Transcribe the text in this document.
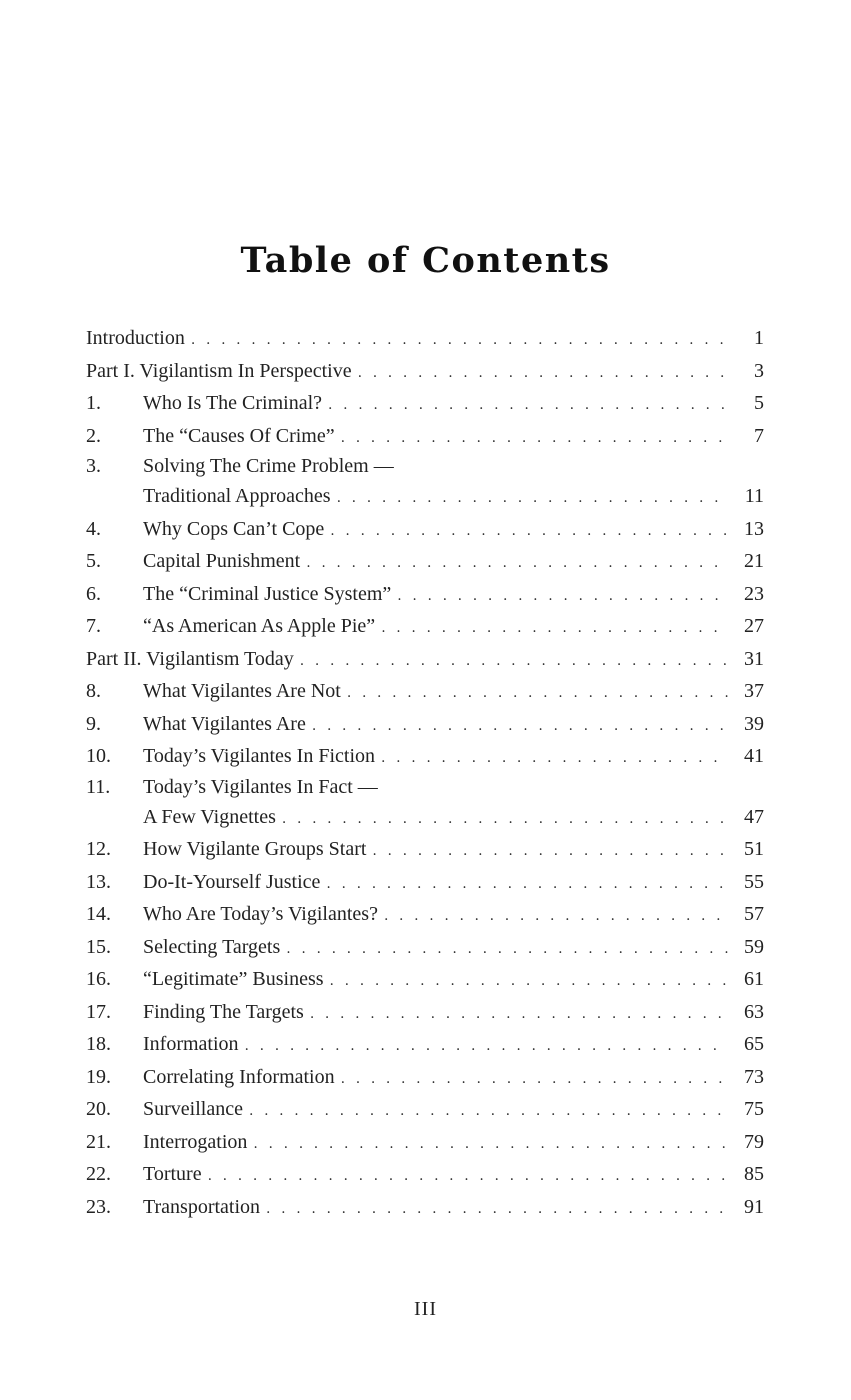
Table of Contents
Introduction . . .	1
Part I. Vigilantism In Perspective . . .	3
1.	Who Is The Criminal? . . .	5
2.	The “Causes Of Crime” . . .	7
3.	Solving The Crime Problem —
Traditional Approaches . . .	11
4.	Why Cops Can’t Cope . . .	13
5.	Capital Punishment . . .	21
6.	The “Criminal Justice System” . . .	23
7.	“As American As Apple Pie” . . .	27
Part II. Vigilantism Today . . .	31
8.	What Vigilantes Are Not . . .	37
9.	What Vigilantes Are . . .	39
10.	Today’s Vigilantes In Fiction . . .	41
11.	Today’s Vigilantes In Fact —
A Few Vignettes . . .	47
12.	How Vigilante Groups Start . . .	51
13.	Do-It-Yourself Justice . . .	55
14.	Who Are Today’s Vigilantes? . . .	57
15.	Selecting Targets . . .	59
16.	“Legitimate” Business . . .	61
17.	Finding The Targets . . .	63
18.	Information . . .	65
19.	Correlating Information . . .	73
20.	Surveillance . . .	75
21.	Interrogation . . .	79
22.	Torture . . .	85
23.	Transportation . . .	91
III
